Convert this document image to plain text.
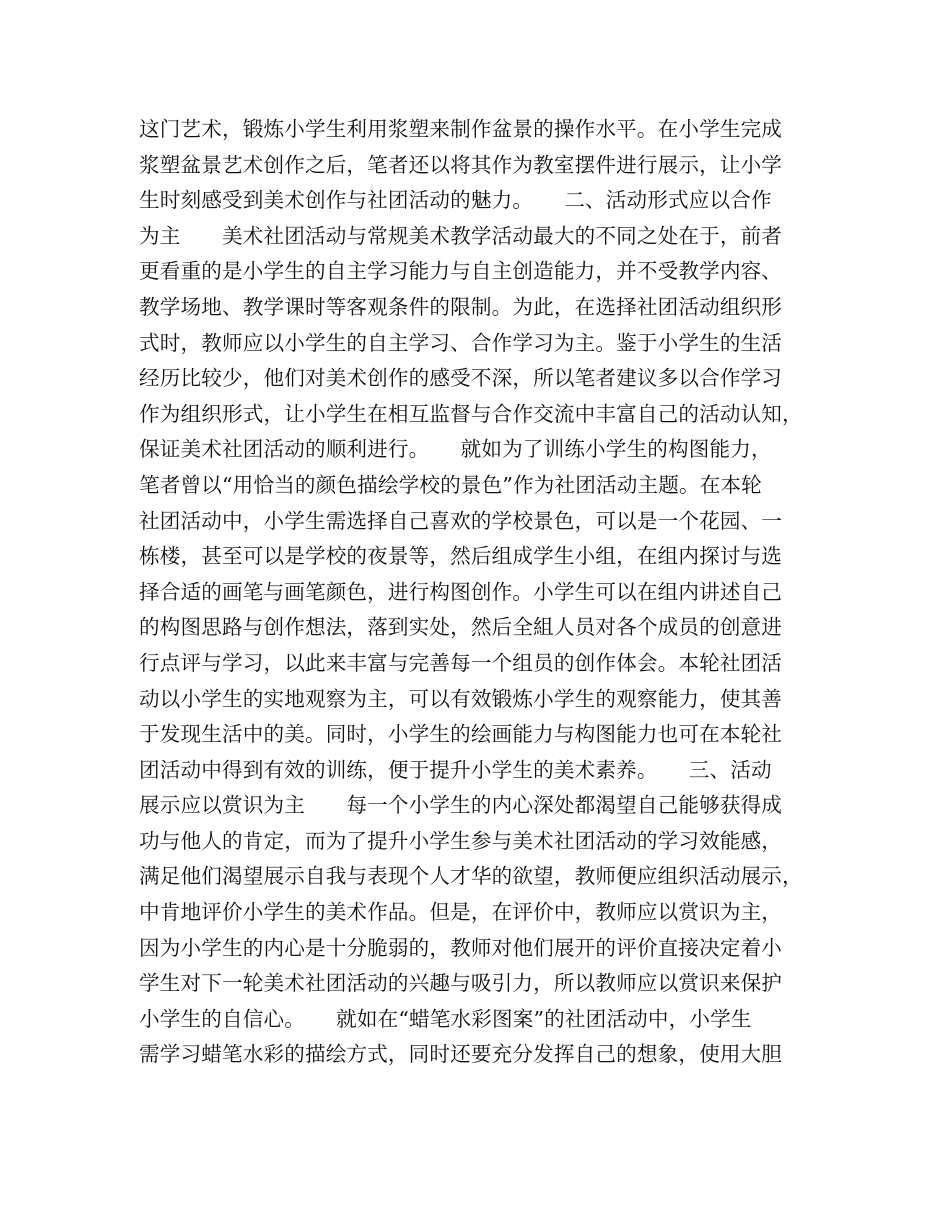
这门艺术，锻炼小学生利用浆塑来制作盆景的操作水平。在小学生完成
浆塑盆景艺术创作之后，笔者还以将其作为教室摆件进行展示，让小学
生时刻感受到美术创作与社团活动的魅力。　　二、活动形式应以合作
为主　　美术社团活动与常规美术教学活动最大的不同之处在于，前者
更看重的是小学生的自主学习能力与自主创造能力，并不受教学内容、
教学场地、教学课时等客观条件的限制。为此，在选择社团活动组织形
式时，教师应以小学生的自主学习、合作学习为主。鉴于小学生的生活
经历比较少，他们对美术创作的感受不深，所以笔者建议多以合作学习
作为组织形式，让小学生在相互监督与合作交流中丰富自己的活动认知，
保证美术社团活动的顺利进行。　　就如为了训练小学生的构图能力，
笔者曾以“用恰当的颜色描绘学校的景色”作为社团活动主题。在本轮
社团活动中，小学生需选择自己喜欢的学校景色，可以是一个花园、一
栋楼，甚至可以是学校的夜景等，然后组成学生小组，在组内探讨与选
择合适的画笔与画笔颜色，进行构图创作。小学生可以在组内讲述自己
的构图思路与创作想法，落到实处，然后全組人员对各个成员的创意进
行点评与学习，以此来丰富与完善每一个组员的创作体会。本轮社团活
动以小学生的实地观察为主，可以有效锻炼小学生的观察能力，使其善
于发现生活中的美。同时，小学生的绘画能力与构图能力也可在本轮社
团活动中得到有效的训练，便于提升小学生的美术素养。　　三、活动
展示应以赏识为主　　每一个小学生的内心深处都渴望自己能够获得成
功与他人的肯定，而为了提升小学生参与美术社团活动的学习效能感，
满足他们渴望展示自我与表现个人才华的欲望，教师便应组织活动展示，
中肯地评价小学生的美术作品。但是，在评价中，教师应以赏识为主，
因为小学生的内心是十分脆弱的，教师对他们展开的评价直接决定着小
学生对下一轮美术社团活动的兴趣与吸引力，所以教师应以赏识来保护
小学生的自信心。　　就如在“蜡笔水彩图案”的社团活动中，小学生
需学习蜡笔水彩的描绘方式，同时还要充分发挥自己的想象，使用大胆
